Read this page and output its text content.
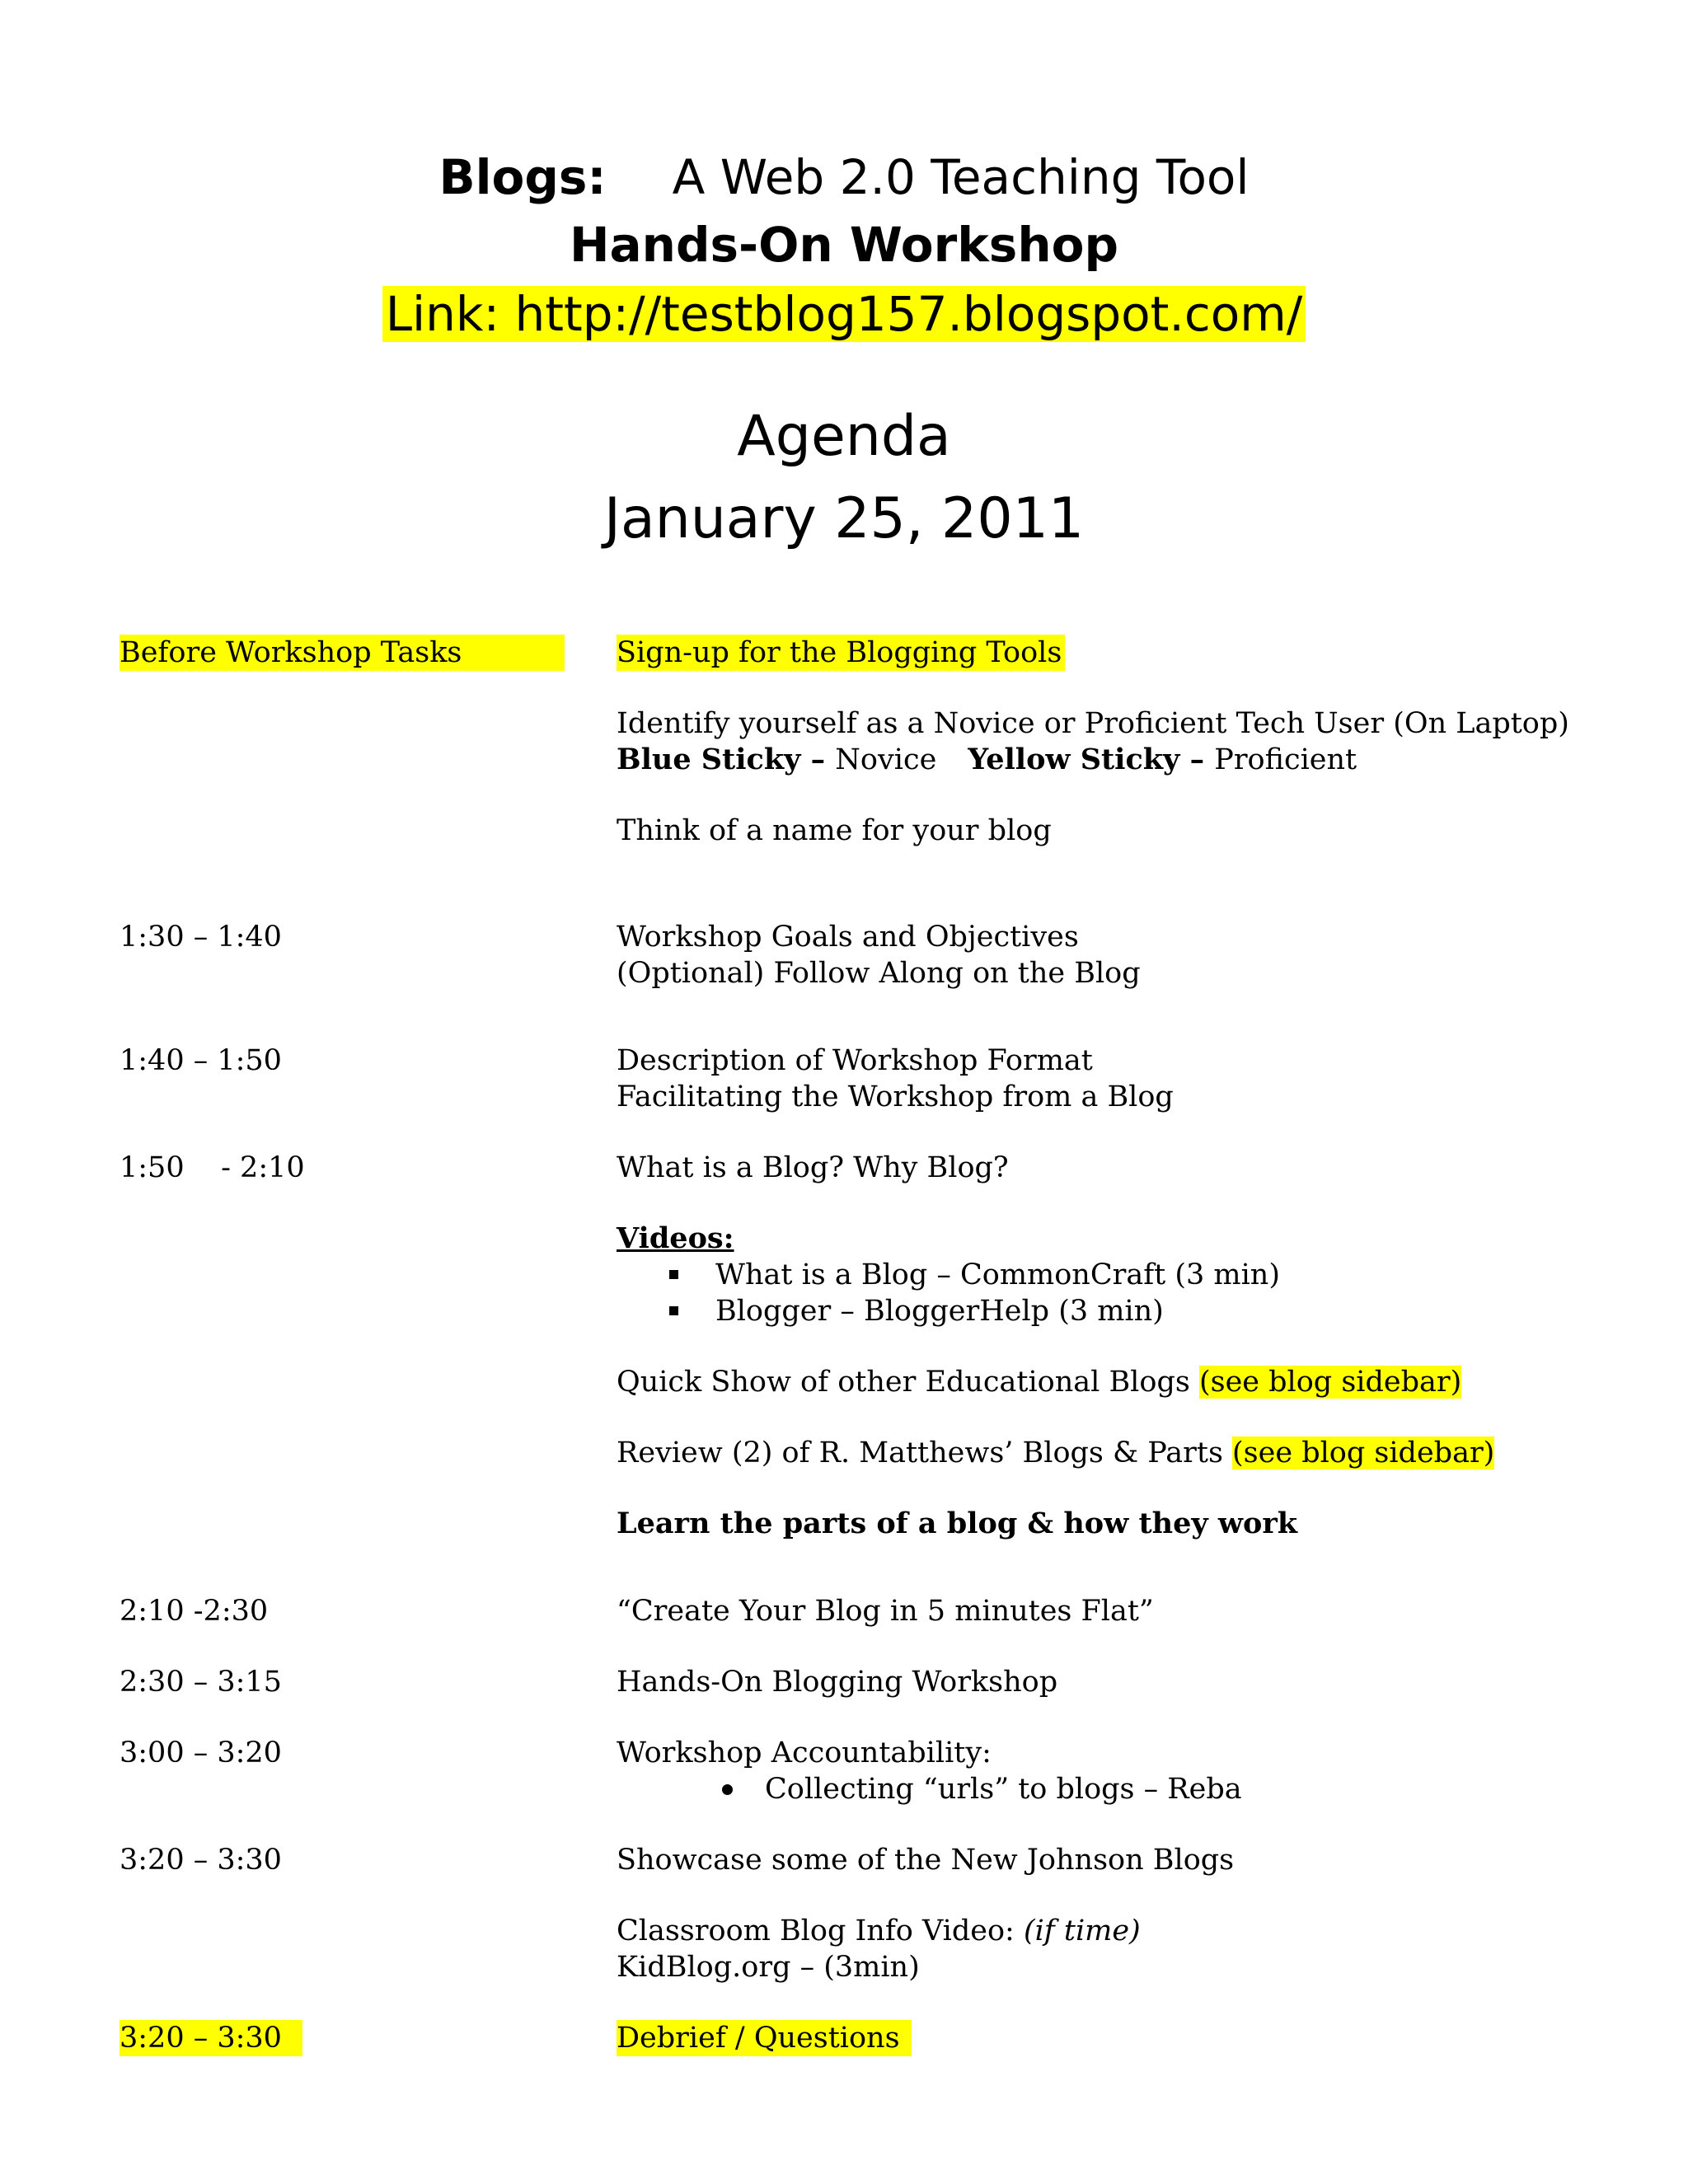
Blogs: A Web 2.0 Teaching Tool
Hands-On Workshop
Link: http://testblog157.blogspot.com/
Agenda
January 25, 2011
Before Workshop Tasks	Sign-up for the Blogging Tools
Identify yourself as a Novice or Proficient Tech User (On Laptop)
Blue Sticky – Novice Yellow Sticky – Proficient
Think of a name for your blog
1:30 – 1:40	Workshop Goals and Objectives
(Optional) Follow Along on the Blog
1:40 – 1:50	Description of Workshop Format
Facilitating the Workshop from a Blog
1:50    - 2:10	What is a Blog? Why Blog?
Videos:
What is a Blog – CommonCraft (3 min)
Blogger – BloggerHelp (3 min)
Quick Show of other Educational Blogs (see blog sidebar)
Review (2) of R. Matthews’ Blogs & Parts (see blog sidebar)
Learn the parts of a blog & how they work
2:10 -2:30	“Create Your Blog in 5 minutes Flat”
2:30 – 3:15	Hands-On Blogging Workshop
3:00 – 3:20	Workshop Accountability:
Collecting “urls” to blogs – Reba
3:20 – 3:30	Showcase some of the New Johnson Blogs
Classroom Blog Info Video: (if time)
KidBlog.org – (3min)
3:20 – 3:30	Debrief / Questions
